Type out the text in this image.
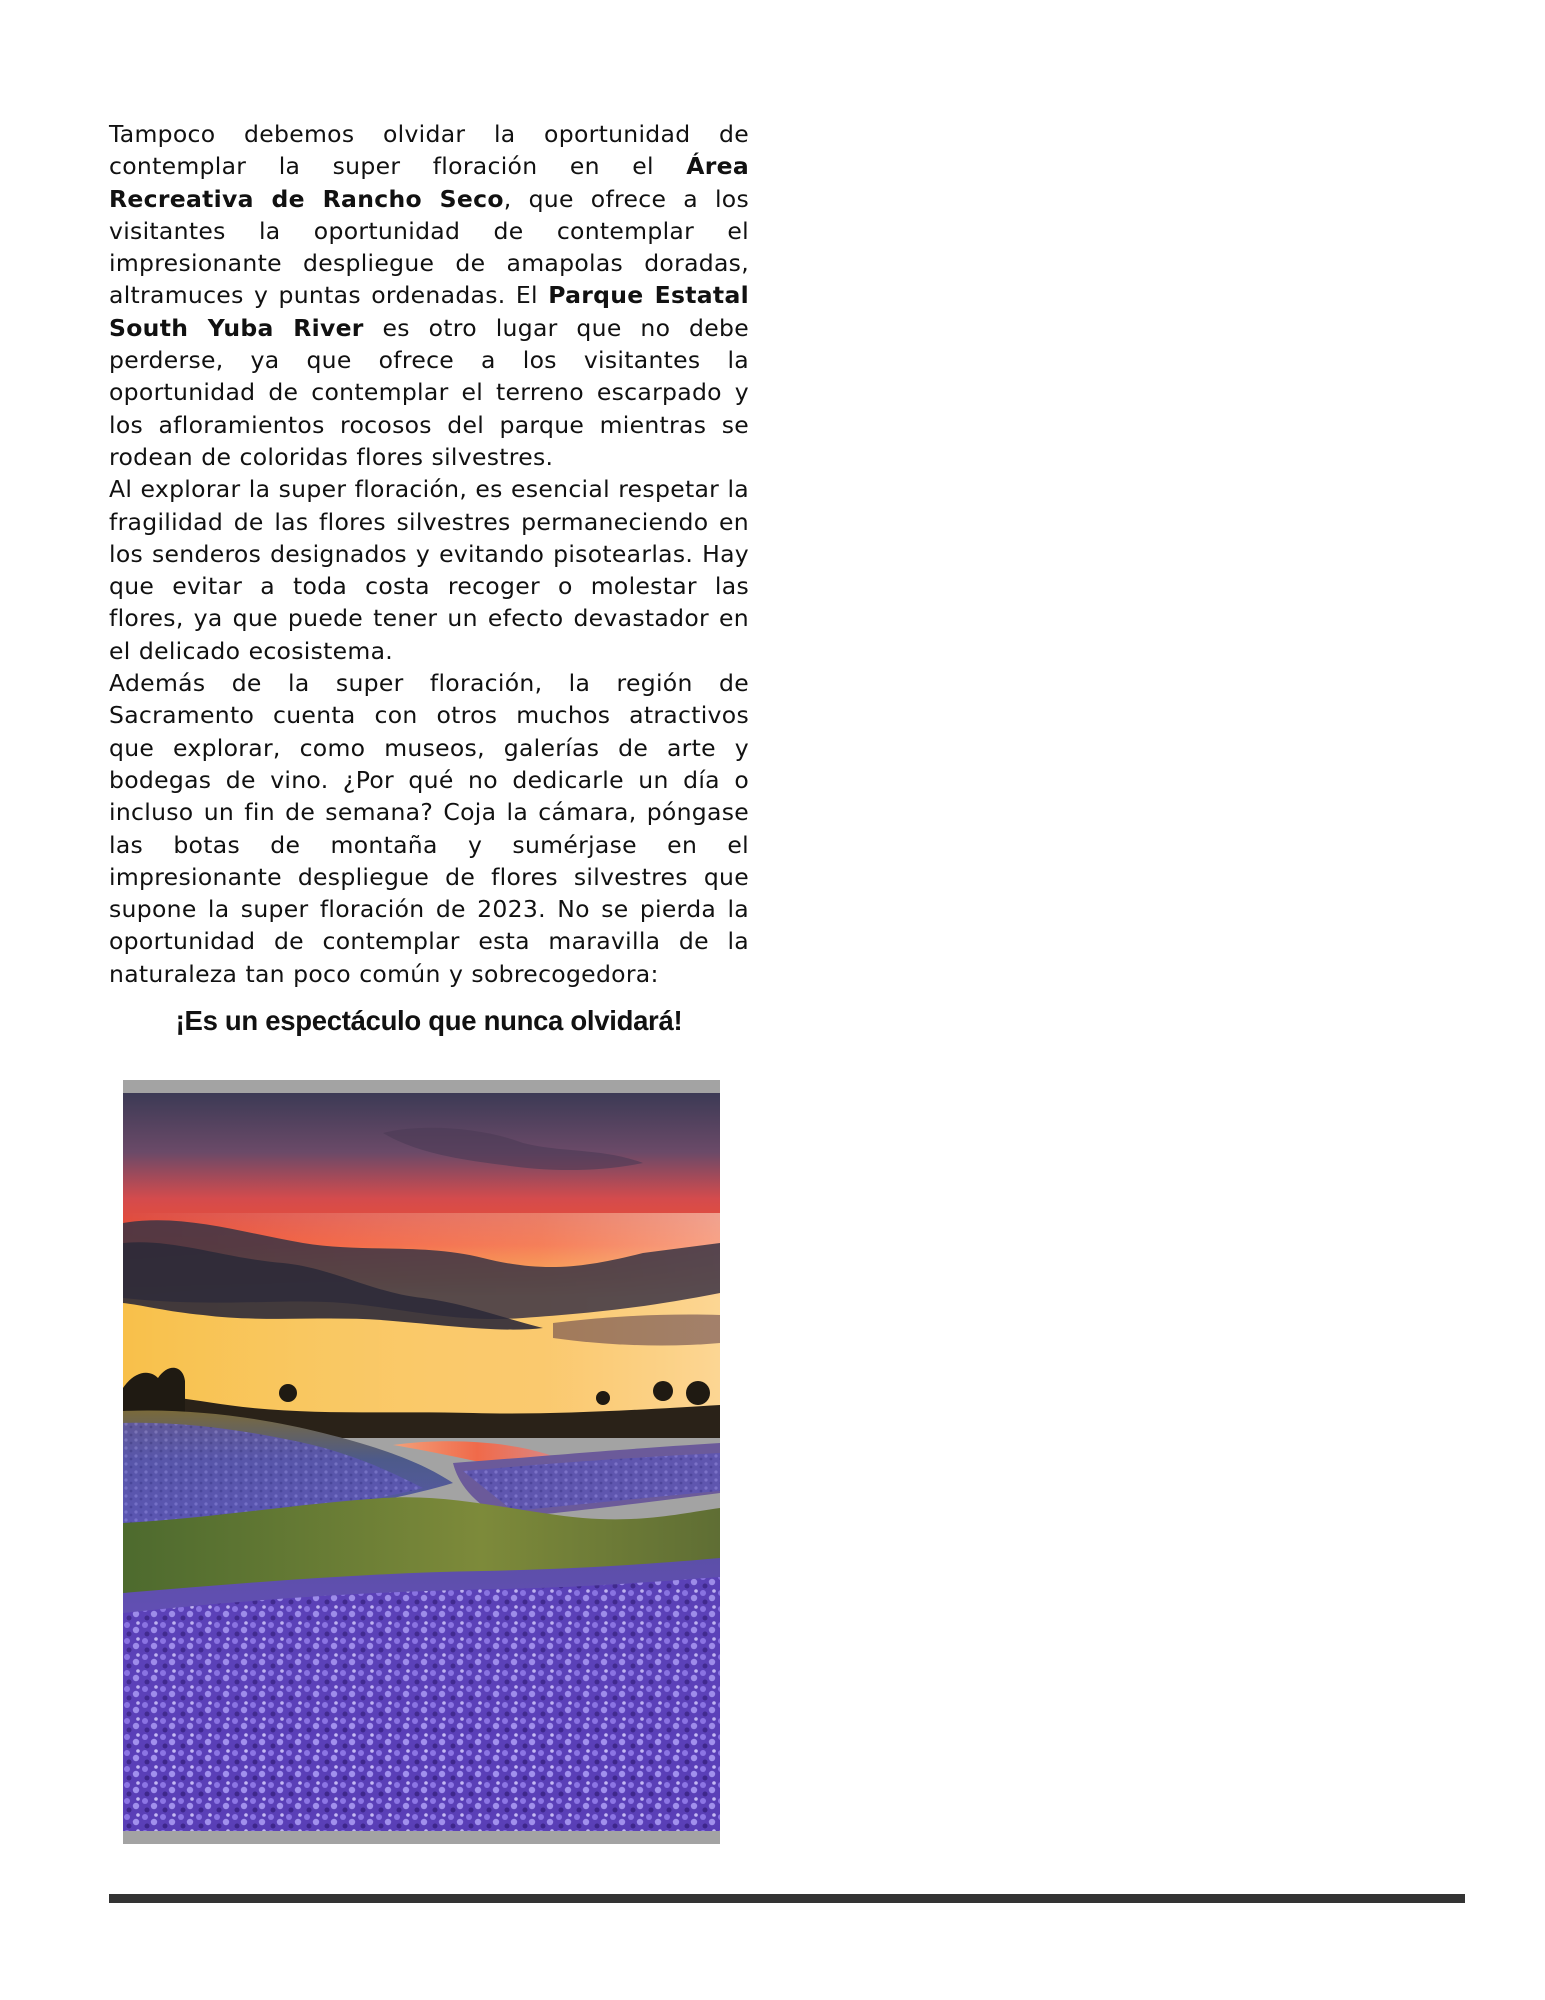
Tampoco debemos olvidar la oportunidad de contemplar la super floración en el Área Recreativa de Rancho Seco, que ofrece a los visitantes la oportunidad de contemplar el impresionante despliegue de amapolas doradas, altramuces y puntas ordenadas. El Parque Estatal South Yuba River es otro lugar que no debe perderse, ya que ofrece a los visitantes la oportunidad de contemplar el terreno escarpado y los afloramientos rocosos del parque mientras se rodean de coloridas flores silvestres.

Al explorar la super floración, es esencial respetar la fragilidad de las flores silvestres permaneciendo en los senderos designados y evitando pisotearlas. Hay que evitar a toda costa recoger o molestar las flores, ya que puede tener un efecto devastador en el delicado ecosistema.

Además de la super floración, la región de Sacramento cuenta con otros muchos atractivos que explorar, como museos, galerías de arte y bodegas de vino. ¿Por qué no dedicarle un día o incluso un fin de semana? Coja la cámara, póngase las botas de montaña y sumérjase en el impresionante despliegue de flores silvestres que supone la super floración de 2023. No se pierda la oportunidad de contemplar esta maravilla de la naturaleza tan poco común y sobrecogedora:

¡Es un espectáculo que nunca olvidará!
